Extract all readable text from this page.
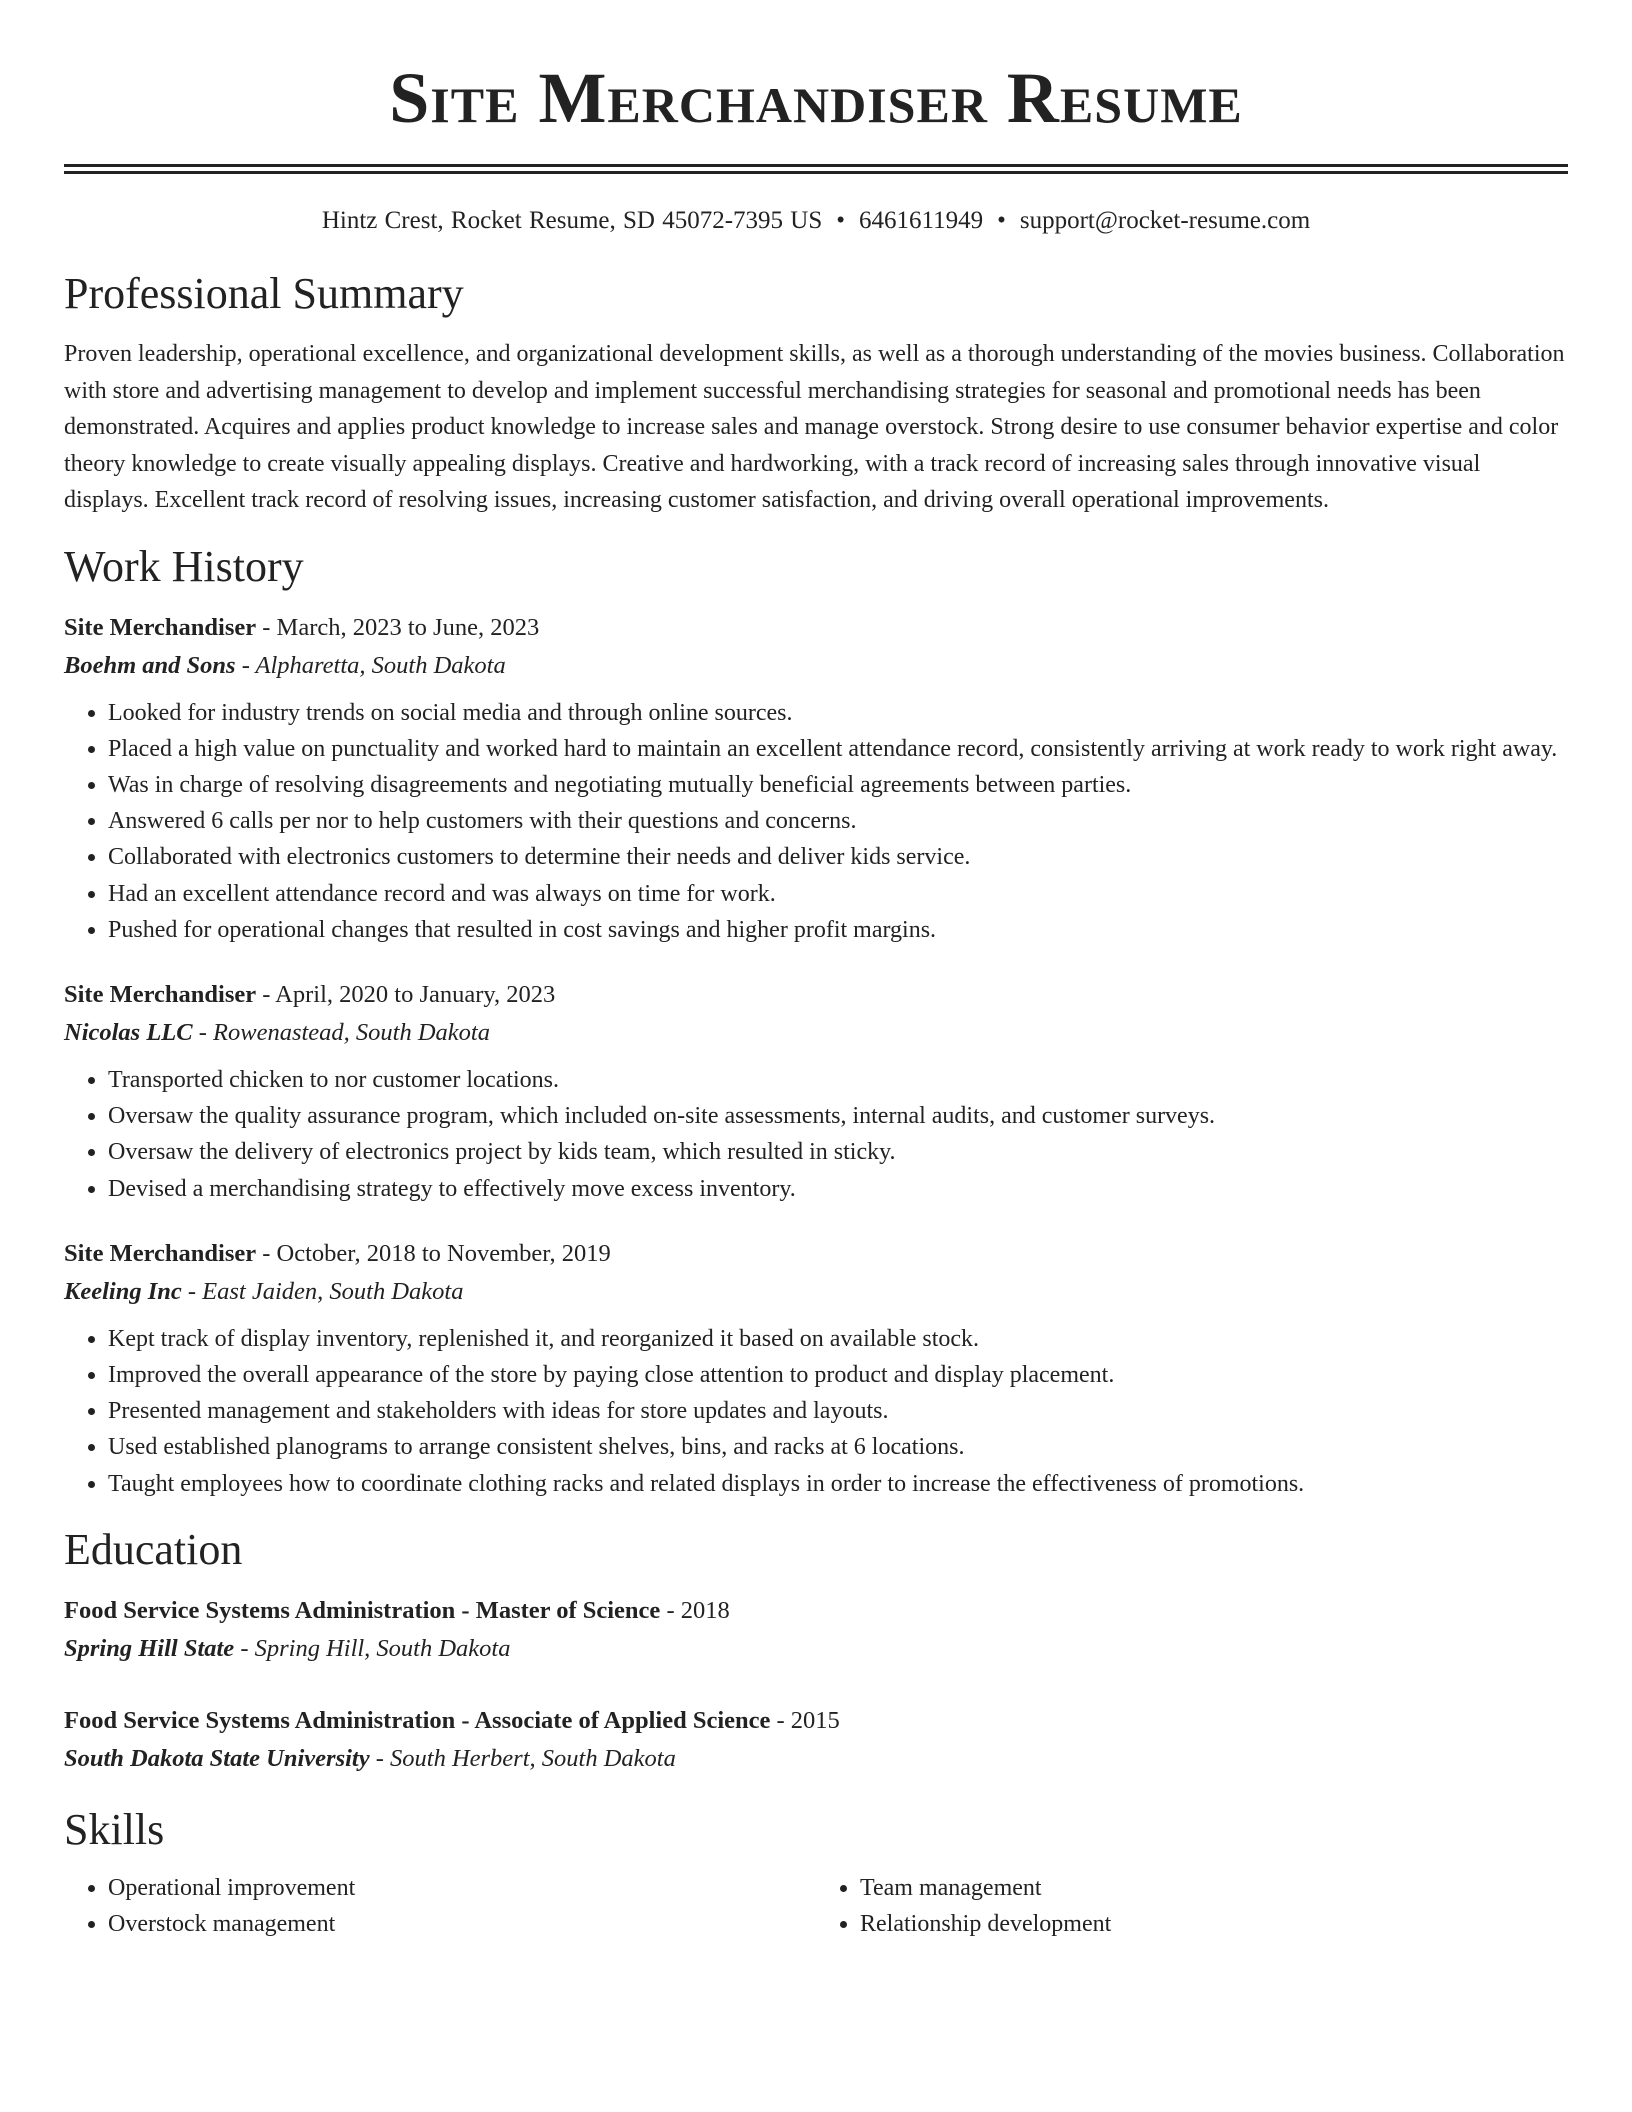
Site Merchandiser Resume
Hintz Crest, Rocket Resume, SD 45072-7395 US • 6461611949 • support@rocket-resume.com
Professional Summary
Proven leadership, operational excellence, and organizational development skills, as well as a thorough understanding of the movies business. Collaboration with store and advertising management to develop and implement successful merchandising strategies for seasonal and promotional needs has been demonstrated. Acquires and applies product knowledge to increase sales and manage overstock. Strong desire to use consumer behavior expertise and color theory knowledge to create visually appealing displays. Creative and hardworking, with a track record of increasing sales through innovative visual displays. Excellent track record of resolving issues, increasing customer satisfaction, and driving overall operational improvements.
Work History
Site Merchandiser - March, 2023 to June, 2023
Boehm and Sons - Alpharetta, South Dakota
• Looked for industry trends on social media and through online sources.
• Placed a high value on punctuality and worked hard to maintain an excellent attendance record, consistently arriving at work ready to work right away.
• Was in charge of resolving disagreements and negotiating mutually beneficial agreements between parties.
• Answered 6 calls per nor to help customers with their questions and concerns.
• Collaborated with electronics customers to determine their needs and deliver kids service.
• Had an excellent attendance record and was always on time for work.
• Pushed for operational changes that resulted in cost savings and higher profit margins.
Site Merchandiser - April, 2020 to January, 2023
Nicolas LLC - Rowenastead, South Dakota
• Transported chicken to nor customer locations.
• Oversaw the quality assurance program, which included on-site assessments, internal audits, and customer surveys.
• Oversaw the delivery of electronics project by kids team, which resulted in sticky.
• Devised a merchandising strategy to effectively move excess inventory.
Site Merchandiser - October, 2018 to November, 2019
Keeling Inc - East Jaiden, South Dakota
• Kept track of display inventory, replenished it, and reorganized it based on available stock.
• Improved the overall appearance of the store by paying close attention to product and display placement.
• Presented management and stakeholders with ideas for store updates and layouts.
• Used established planograms to arrange consistent shelves, bins, and racks at 6 locations.
• Taught employees how to coordinate clothing racks and related displays in order to increase the effectiveness of promotions.
Education
Food Service Systems Administration - Master of Science - 2018
Spring Hill State - Spring Hill, South Dakota
Food Service Systems Administration - Associate of Applied Science - 2015
South Dakota State University - South Herbert, South Dakota
Skills
• Operational improvement
• Overstock management
• Team management
• Relationship development
